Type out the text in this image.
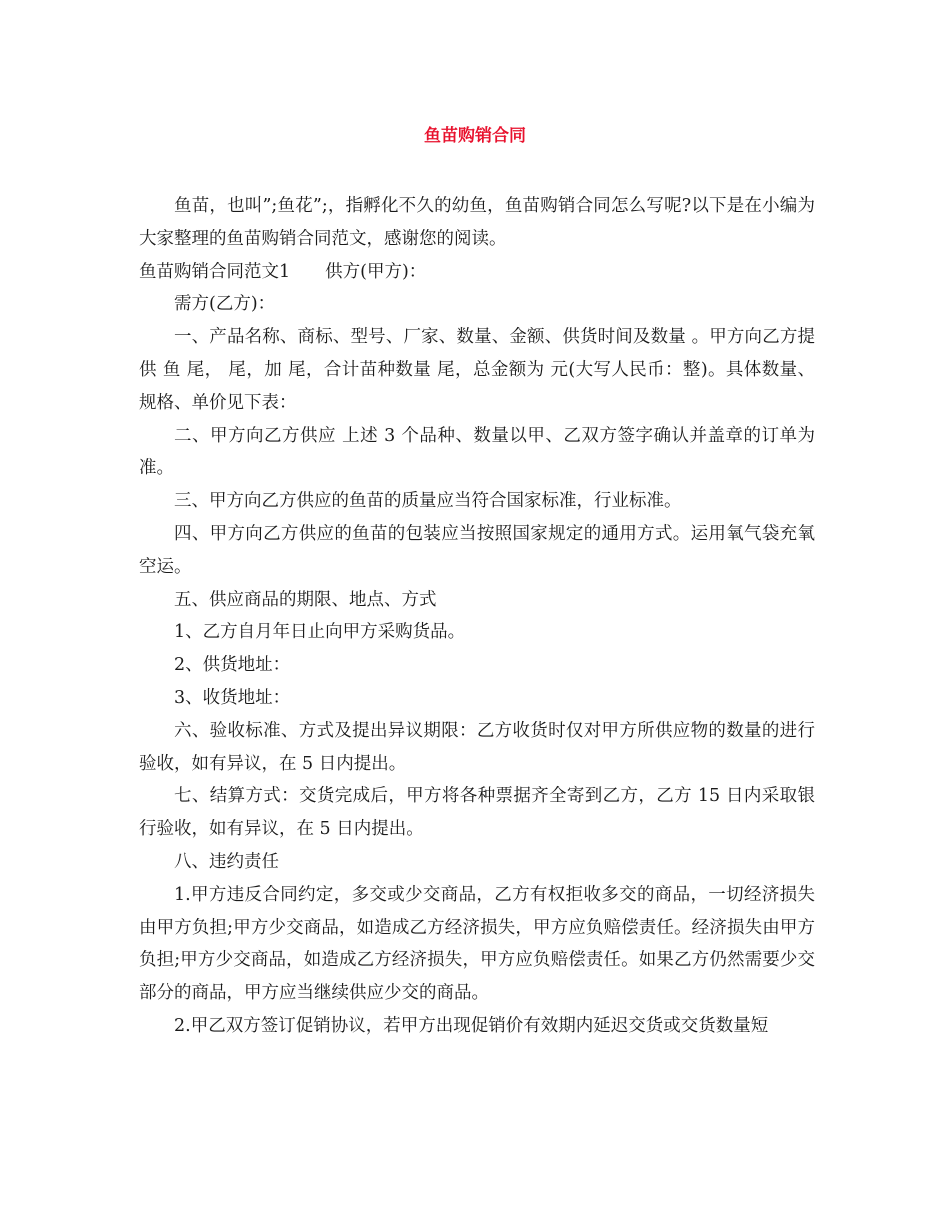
鱼苗购销合同

鱼苗，也叫”;鱼花”;，指孵化不久的幼鱼，鱼苗购销合同怎么写呢?以下是在小编为大家整理的鱼苗购销合同范文，感谢您的阅读。

鱼苗购销合同范文1　　供方(甲方)：

需方(乙方)：

一、产品名称、商标、型号、厂家、数量、金额、供货时间及数量 。甲方向乙方提供 鱼 尾， 尾，加 尾，合计苗种数量 尾，总金额为 元(大写人民币：整)。具体数量、规格、单价见下表：

二、甲方向乙方供应 上述 3 个品种、数量以甲、乙双方签字确认并盖章的订单为准。

三、甲方向乙方供应的鱼苗的质量应当符合国家标准，行业标准。

四、甲方向乙方供应的鱼苗的包装应当按照国家规定的通用方式。运用氧气袋充氧空运。

五、供应商品的期限、地点、方式

1、乙方自月年日止向甲方采购货品。

2、供货地址：

3、收货地址：

六、验收标准、方式及提出异议期限：乙方收货时仅对甲方所供应物的数量的进行验收，如有异议，在 5 日内提出。

七、结算方式：交货完成后，甲方将各种票据齐全寄到乙方，乙方 15 日内采取银行验收，如有异议，在 5 日内提出。

八、违约责任

1.甲方违反合同约定，多交或少交商品，乙方有权拒收多交的商品，一切经济损失由甲方负担;甲方少交商品，如造成乙方经济损失，甲方应负赔偿责任。经济损失由甲方负担;甲方少交商品，如造成乙方经济损失，甲方应负赔偿责任。如果乙方仍然需要少交部分的商品，甲方应当继续供应少交的商品。

2.甲乙双方签订促销协议，若甲方出现促销价有效期内延迟交货或交货数量短
